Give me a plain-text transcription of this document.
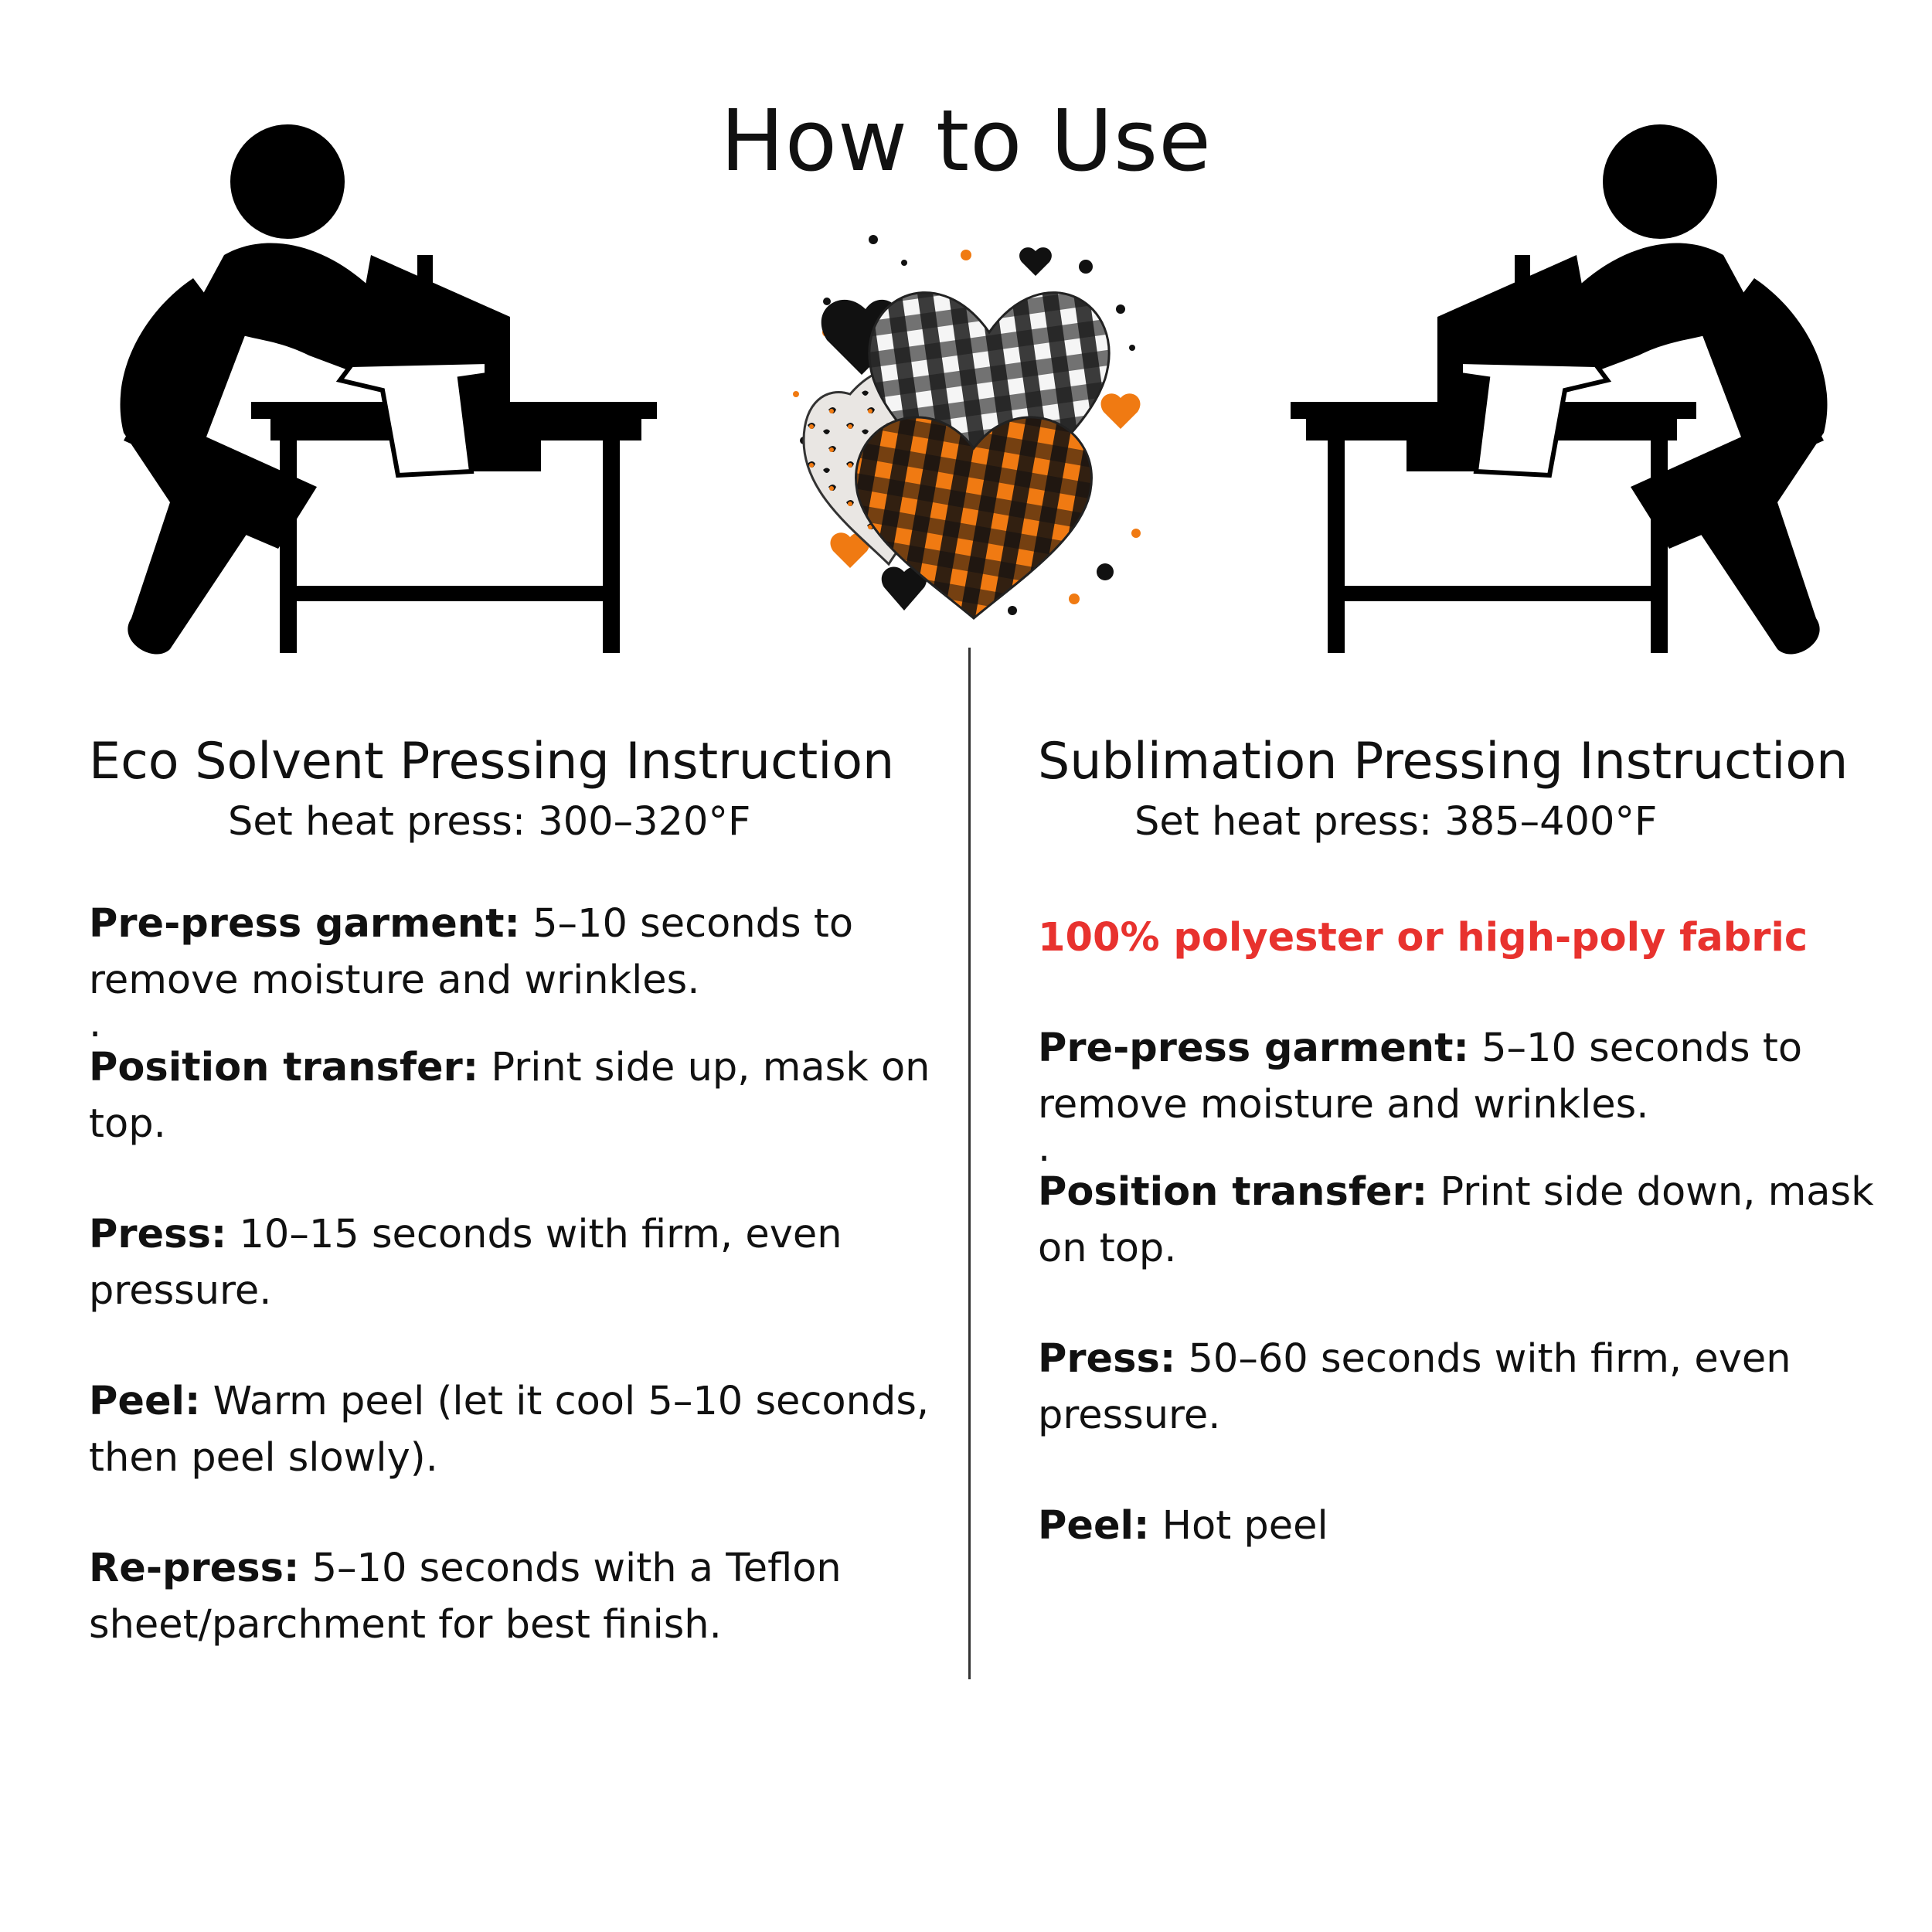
How to Use
Eco Solvent Pressing Instruction

Set heat press: 300–320°F

Pre-press garment: 5–10 seconds to remove moisture and wrinkles.

.

Position transfer: Print side up, mask on top.

Press: 10–15 seconds with firm, even pressure.

Peel: Warm peel (let it cool 5–10 seconds, then peel slowly).

Re-press: 5–10 seconds with a Teflon sheet/parchment for best finish.

Sublimation Pressing Instruction

Set heat press: 385–400°F

100% polyester or high-poly fabric

Pre-press garment: 5–10 seconds to remove moisture and wrinkles.

.

Position transfer: Print side down, mask on top.

Press: 50–60 seconds with firm, even pressure.

Peel: Hot peel
